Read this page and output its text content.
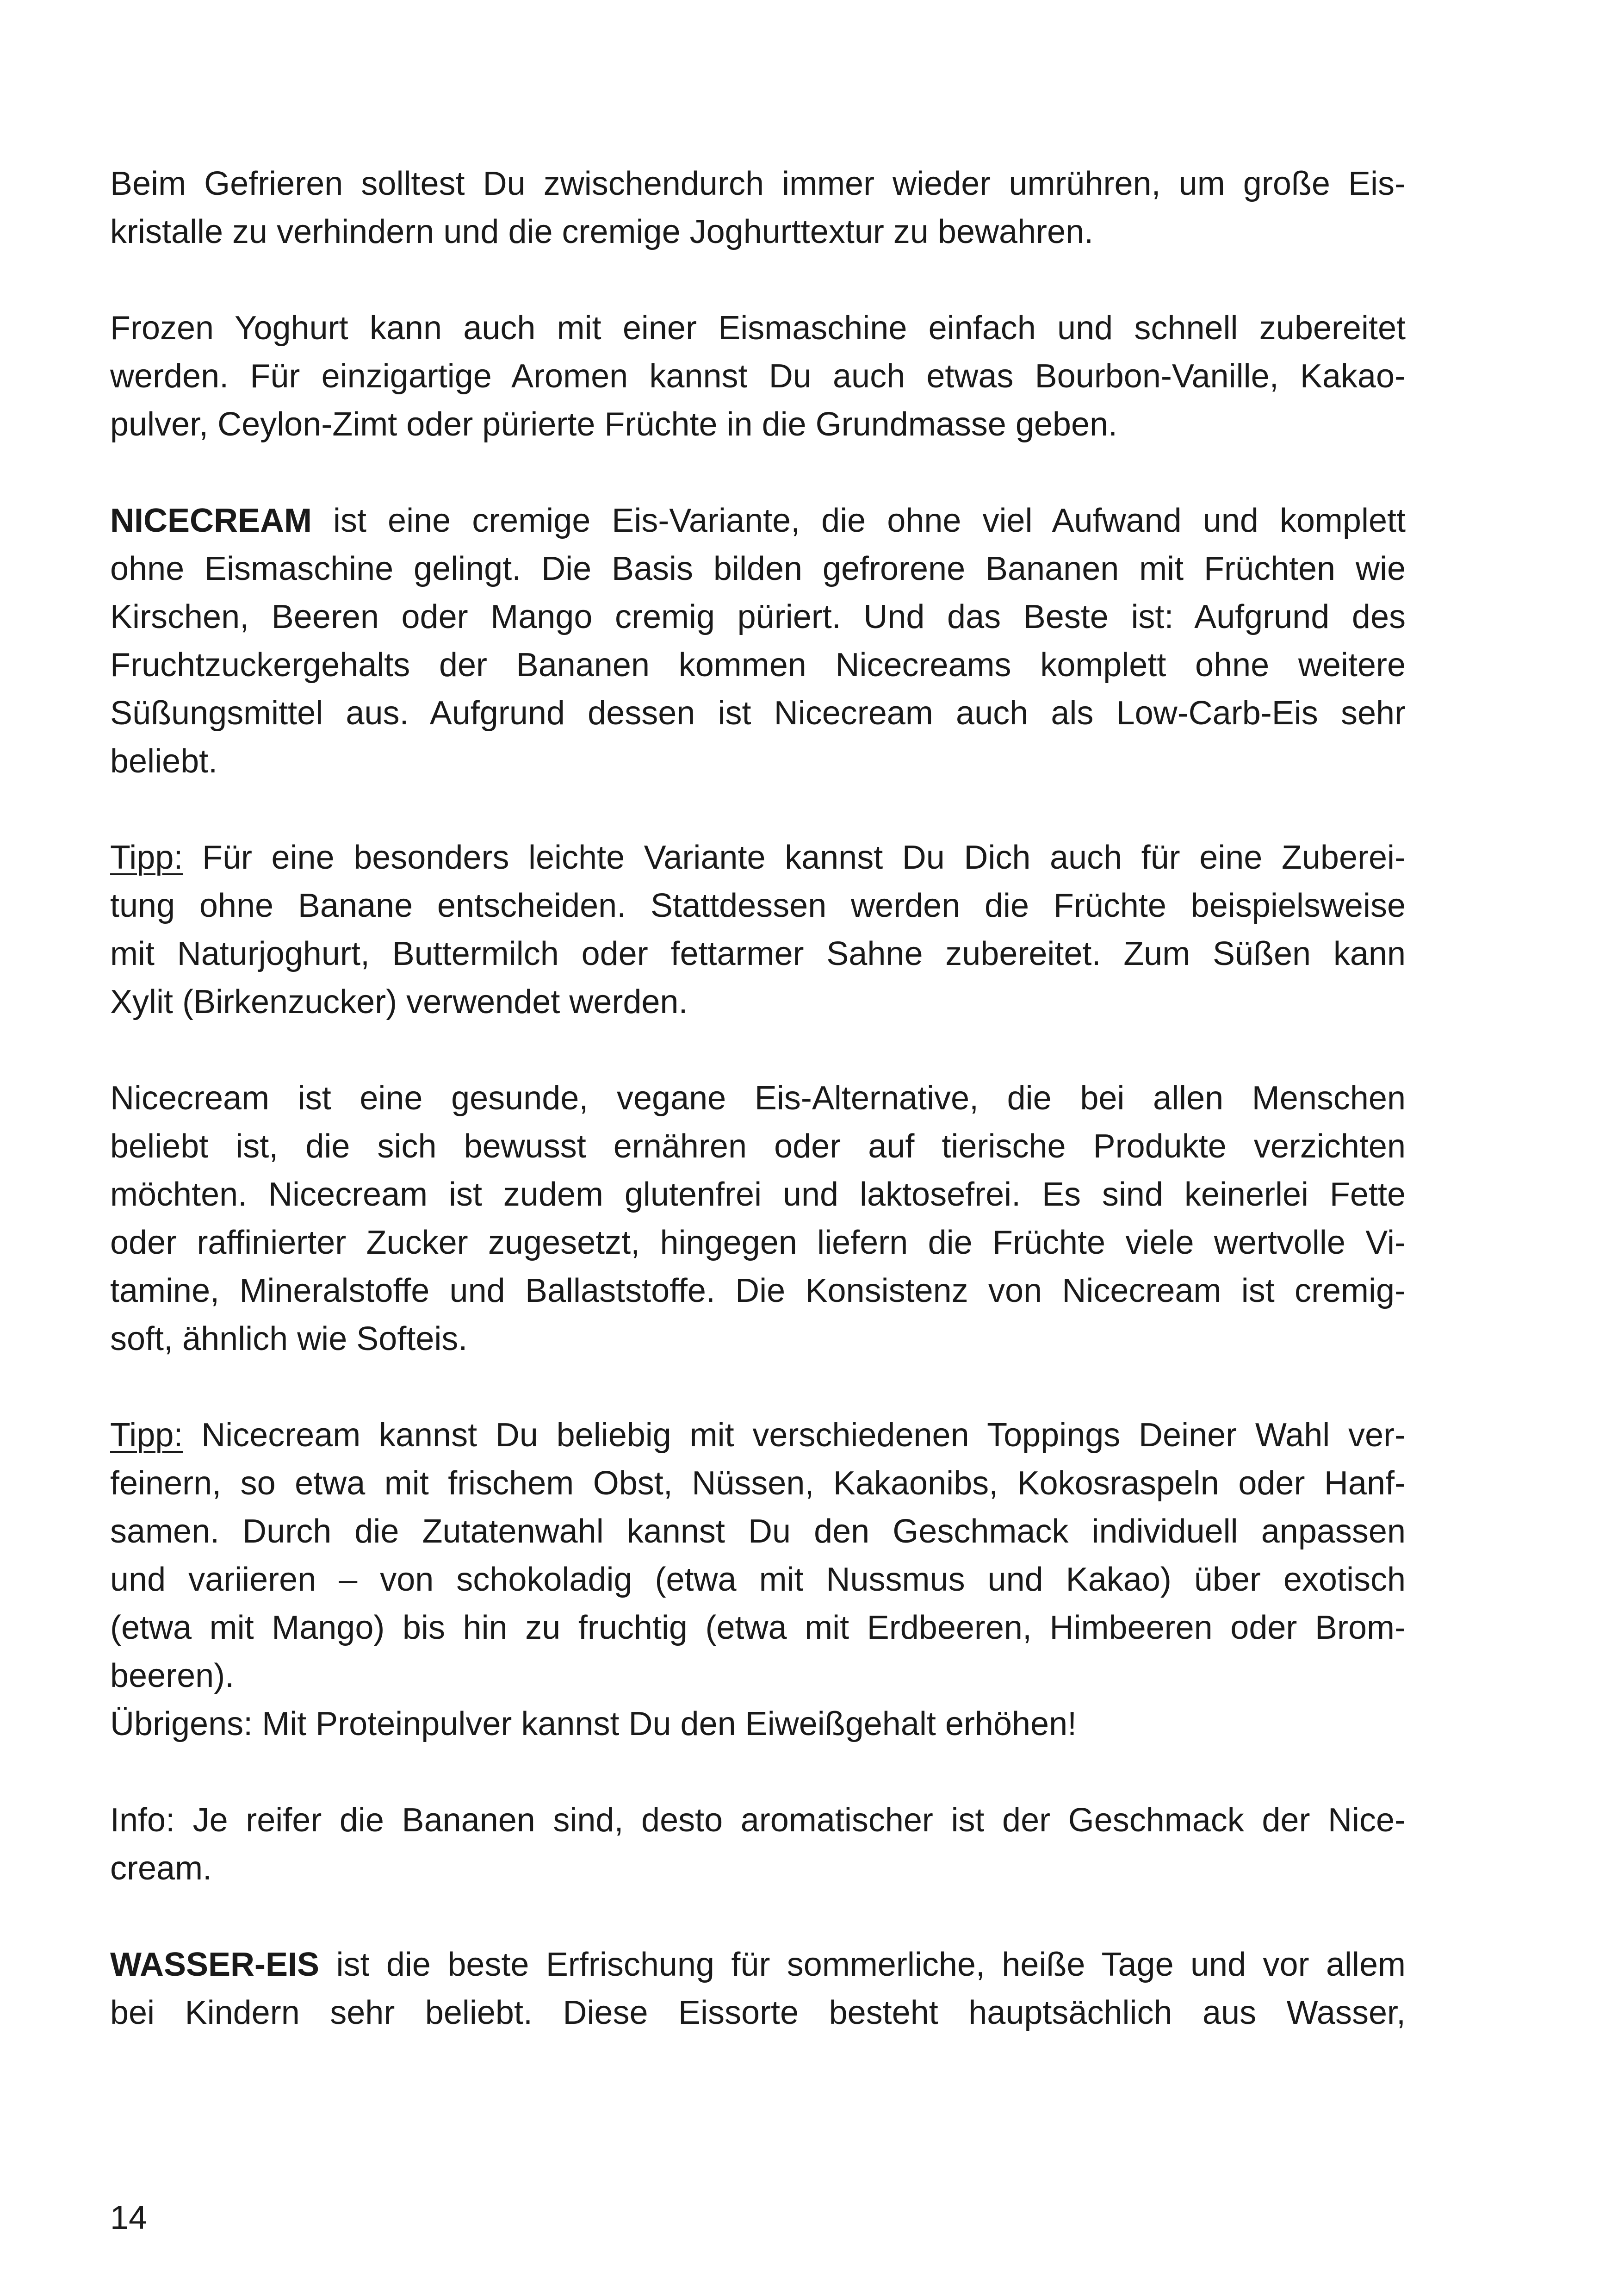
Beim Gefrieren solltest Du zwischendurch immer wieder umrühren, um große Eis-
kristalle zu verhindern und die cremige Joghurttextur zu bewahren.

Frozen Yoghurt kann auch mit einer Eismaschine einfach und schnell zubereitet
werden. Für einzigartige Aromen kannst Du auch etwas Bourbon-Vanille, Kakao-
pulver, Ceylon-Zimt oder pürierte Früchte in die Grundmasse geben.

NICECREAM ist eine cremige Eis-Variante, die ohne viel Aufwand und komplett
ohne Eismaschine gelingt. Die Basis bilden gefrorene Bananen mit Früchten wie
Kirschen, Beeren oder Mango cremig püriert. Und das Beste ist: Aufgrund des
Fruchtzuckergehalts der Bananen kommen Nicecreams komplett ohne weitere
Süßungsmittel aus. Aufgrund dessen ist Nicecream auch als Low-Carb-Eis sehr
beliebt.

Tipp: Für eine besonders leichte Variante kannst Du Dich auch für eine Zuberei-
tung ohne Banane entscheiden. Stattdessen werden die Früchte beispielsweise
mit Naturjoghurt, Buttermilch oder fettarmer Sahne zubereitet. Zum Süßen kann
Xylit (Birkenzucker) verwendet werden.

Nicecream ist eine gesunde, vegane Eis-Alternative, die bei allen Menschen
beliebt ist, die sich bewusst ernähren oder auf tierische Produkte verzichten
möchten. Nicecream ist zudem glutenfrei und laktosefrei. Es sind keinerlei Fette
oder raffinierter Zucker zugesetzt, hingegen liefern die Früchte viele wertvolle Vi-
tamine, Mineralstoffe und Ballaststoffe. Die Konsistenz von Nicecream ist cremig-
soft, ähnlich wie Softeis.

Tipp: Nicecream kannst Du beliebig mit verschiedenen Toppings Deiner Wahl ver-
feinern, so etwa mit frischem Obst, Nüssen, Kakaonibs, Kokosraspeln oder Hanf-
samen. Durch die Zutatenwahl kannst Du den Geschmack individuell anpassen
und variieren – von schokoladig (etwa mit Nussmus und Kakao) über exotisch
(etwa mit Mango) bis hin zu fruchtig (etwa mit Erdbeeren, Himbeeren oder Brom-
beeren).

Übrigens: Mit Proteinpulver kannst Du den Eiweißgehalt erhöhen!

Info: Je reifer die Bananen sind, desto aromatischer ist der Geschmack der Nice-
cream.

WASSER-EIS ist die beste Erfrischung für sommerliche, heiße Tage und vor allem
bei Kindern sehr beliebt. Diese Eissorte besteht hauptsächlich aus Wasser,

14
